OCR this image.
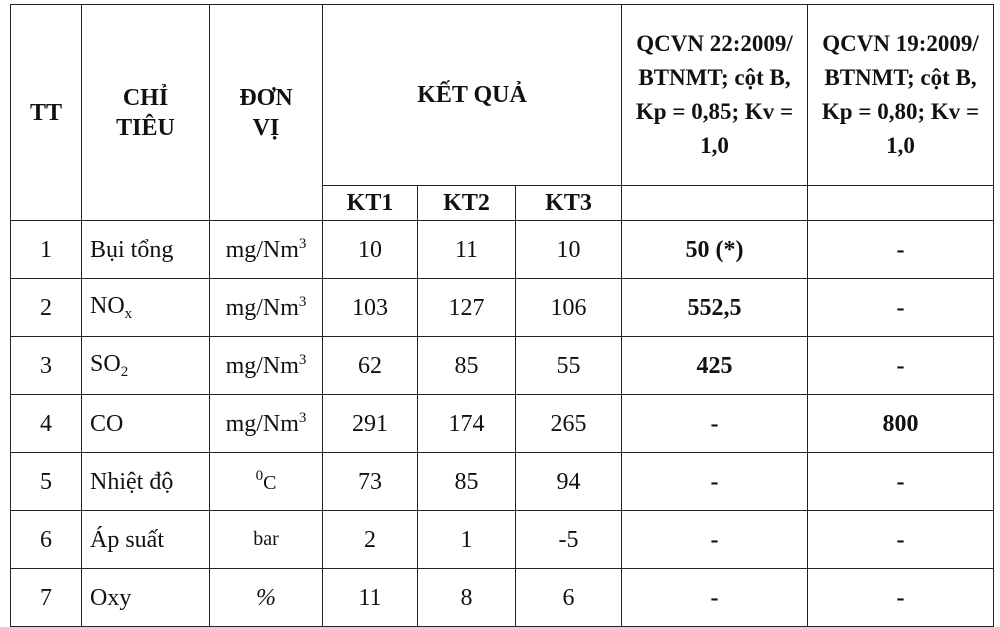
TT	CHỈ TIÊU	ĐƠN VỊ	KẾT QUẢ			QCVN 22:2009/ BTNMT; cột B, Kp = 0,85; Kv = 1,0	QCVN 19:2009/ BTNMT; cột B, Kp = 0,80; Kv = 1,0

			KT1	KT2	KT3		
1	Bụi tổng	mg/Nm$^3$	10	11	10	50 (*)	-
2	$NO_x$	mg/Nm$^3$	103	127	106	552,5	-
3	$SO_2$	mg/Nm$^3$	62	85	55	425	-
4	CO	mg/Nm$^3$	291	174	265	-	800
5	Nhiệt độ	$^0$C	73	85	94	-	-
6	Áp suất	bar	2	1	-5	-	-
7	Oxy	%	11	8	6	-	-
